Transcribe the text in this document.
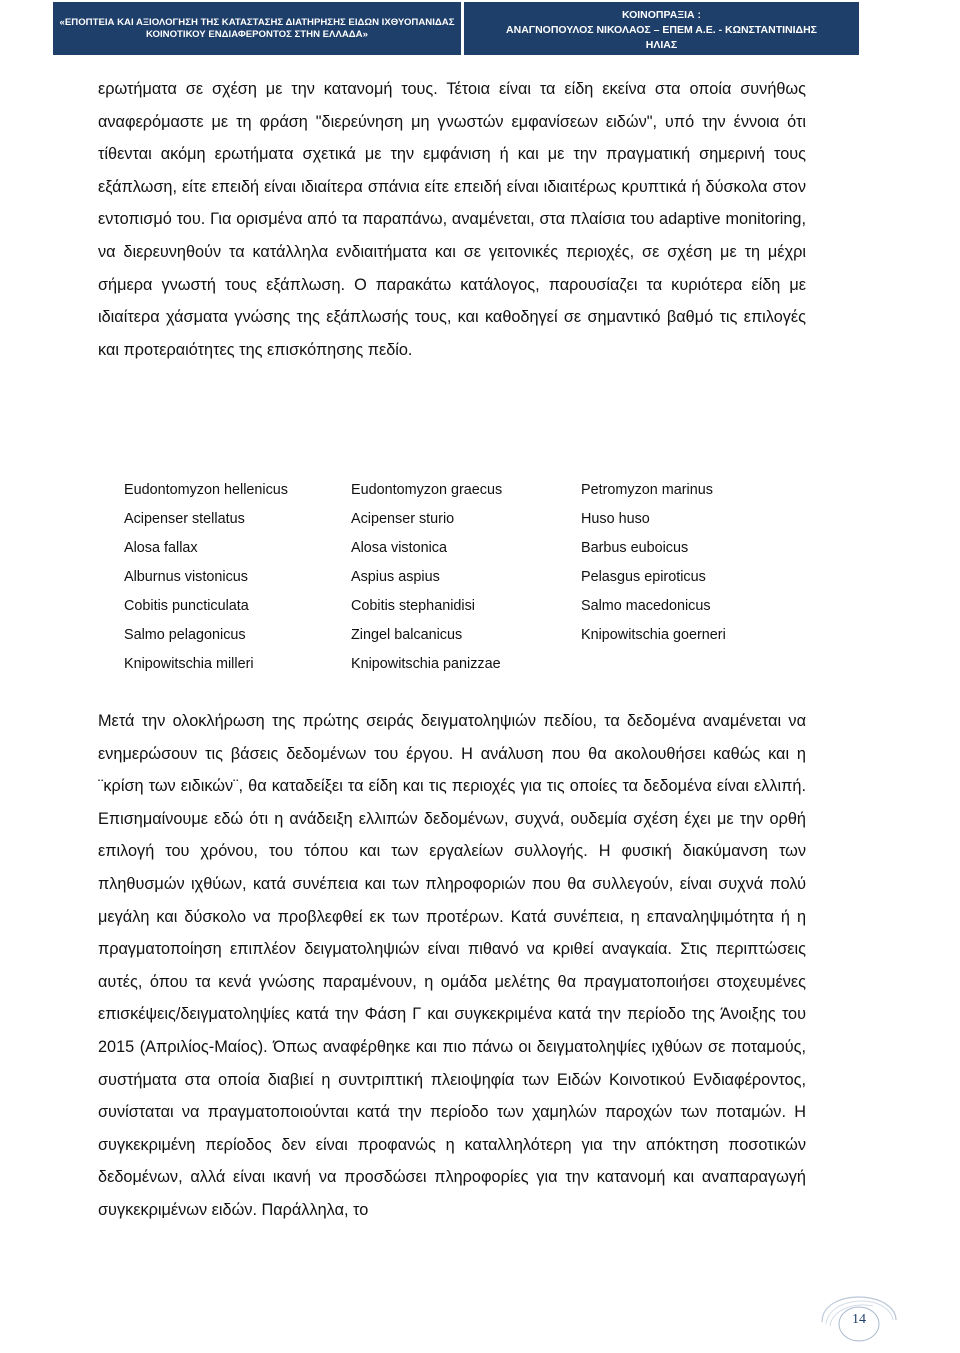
«ΕΠΟΠΤΕΙΑ ΚΑΙ ΑΞΙΟΛΟΓΗΣΗ ΤΗΣ ΚΑΤΑΣΤΑΣΗΣ ΔΙΑΤΗΡΗΣΗΣ ΕΙΔΩΝ ΙΧΘΥΟΠΑΝΙΔΑΣ
ΚΟΙΝΟΤΙΚΟΥ ΕΝΔΙΑΦΕΡΟΝΤΟΣ ΣΤΗΝ ΕΛΛΑΔΑ»
ΚΟΙΝΟΠΡΑΞΙΑ :
ΑΝΑΓΝΟΠΟΥΛΟΣ ΝΙΚΟΛΑΟΣ – ΕΠΕΜ Α.Ε. - ΚΩΝΣΤΑΝΤΙΝΙΔΗΣ
ΗΛΙΑΣ

ερωτήματα σε σχέση με την κατανομή τους. Τέτοια είναι τα είδη εκείνα στα οποία συνήθως αναφερόμαστε με τη φράση "διερεύνηση μη γνωστών εμφανίσεων ειδών", υπό την έννοια ότι τίθενται ακόμη ερωτήματα σχετικά με την εμφάνιση ή και με την πραγματική σημερινή τους εξάπλωση, είτε επειδή είναι ιδιαίτερα σπάνια είτε επειδή είναι ιδιαιτέρως κρυπτικά ή δύσκολα στον εντοπισμό του. Για ορισμένα από τα παραπάνω, αναμένεται, στα πλαίσια του adaptive monitoring, να διερευνηθούν τα κατάλληλα ενδιαιτήματα και σε γειτονικές περιοχές, σε σχέση με τη μέχρι σήμερα γνωστή τους εξάπλωση. Ο παρακάτω κατάλογος, παρουσίαζει τα κυριότερα είδη με ιδιαίτερα χάσματα γνώσης της εξάπλωσής τους, και καθοδηγεί σε σημαντικό βαθμό τις επιλογές και προτεραιότητες της επισκόπησης πεδίο.

Eudontomyzon hellenicus	Eudontomyzon graecus	Petromyzon marinus
Acipenser stellatus	Acipenser sturio	Huso huso
Alosa fallax	Alosa vistonica	Barbus euboicus
Alburnus vistonicus	Aspius aspius	Pelasgus epiroticus
Cobitis puncticulata	Cobitis stephanidisi	Salmo macedonicus
Salmo pelagonicus	Zingel balcanicus	Knipowitschia goerneri
Knipowitschia milleri	Knipowitschia panizzae	

Μετά την ολοκλήρωση της πρώτης σειράς δειγματοληψιών πεδίου, τα δεδομένα αναμένεται να ενημερώσουν τις βάσεις δεδομένων του έργου. Η ανάλυση που θα ακολουθήσει καθώς και η ¨κρίση των ειδικών¨, θα καταδείξει τα είδη και τις περιοχές για τις οποίες τα δεδομένα είναι ελλιπή. Επισημαίνουμε εδώ ότι η ανάδειξη ελλιπών δεδομένων, συχνά, ουδεμία σχέση έχει με την ορθή επιλογή του χρόνου, του τόπου και των εργαλείων συλλογής. Η φυσική διακύμανση των πληθυσμών ιχθύων, κατά συνέπεια και των πληροφοριών που θα συλλεγούν, είναι συχνά πολύ μεγάλη και δύσκολο να προβλεφθεί εκ των προτέρων. Κατά συνέπεια, η επαναληψιμότητα ή η πραγματοποίηση επιπλέον δειγματοληψιών είναι πιθανό να κριθεί αναγκαία. Στις περιπτώσεις αυτές, όπου τα κενά γνώσης παραμένουν, η ομάδα μελέτης θα πραγματοποιήσει στοχευμένες επισκέψεις/δειγματοληψίες κατά την Φάση Γ και συγκεκριμένα κατά την περίοδο της Άνοιξης του 2015 (Απριλίος-Μαίος). Όπως αναφέρθηκε και πιο πάνω οι δειγματοληψίες ιχθύων σε ποταμούς, συστήματα στα οποία διαβιεί η συντριπτική πλειοψηφία των Ειδών Κοινοτικού Ενδιαφέροντος, συνίσταται να πραγματοποιούνται κατά την περίοδο των χαμηλών παροχών των ποταμών. Η συγκεκριμένη περίοδος δεν είναι προφανώς η καταλληλότερη για την απόκτηση ποσοτικών δεδομένων, αλλά είναι ικανή να προσδώσει πληροφορίες για την κατανομή και αναπαραγωγή συγκεκριμένων ειδών. Παράλληλα, το

14
